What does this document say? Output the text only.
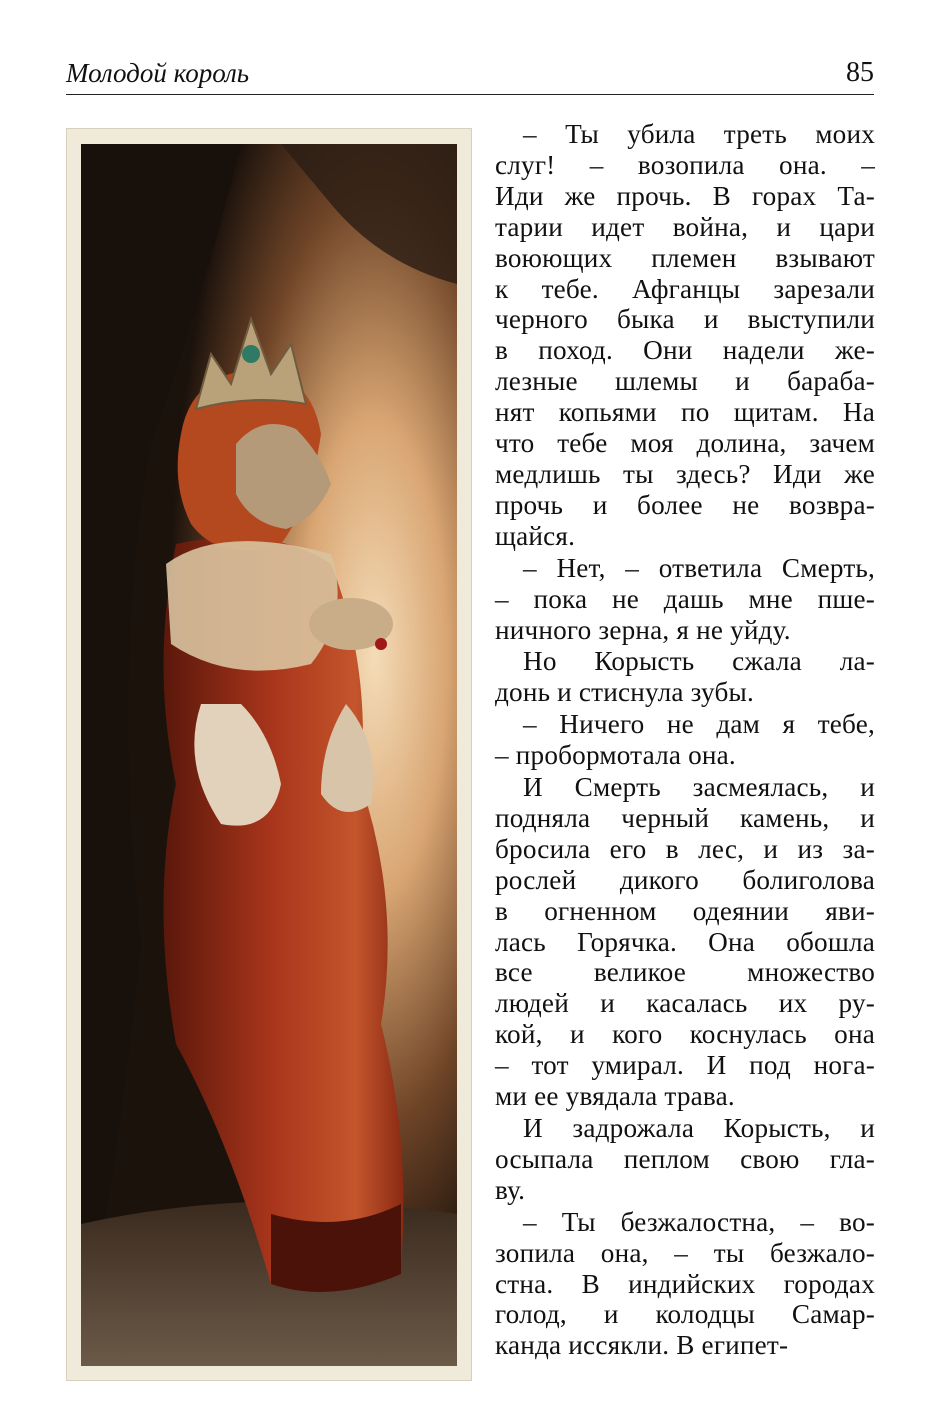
Молодой король	85

– Ты убила треть моих
слуг! – возопила она. –
Иди же прочь. В горах Та-
тарии идет война, и цари
воюющих племен взывают
к тебе. Афганцы зарезали
черного быка и выступили
в поход. Они надели же-
лезные шлемы и бараба-
нят копьями по щитам. На
что тебе моя долина, зачем
медлишь ты здесь? Иди же
прочь и более не возвра-
щайся.

– Нет, – ответила Смерть,
– пока не дашь мне пше-
ничного зерна, я не уйду.

Но Корысть сжала ла-
донь и стиснула зубы.

– Ничего не дам я тебе,
– пробормотала она.

И Смерть засмеялась, и
подняла черный камень, и
бросила его в лес, и из за-
рослей дикого болиголова
в огненном одеянии яви-
лась Горячка. Она обошла
все великое множество
людей и касалась их ру-
кой, и кого коснулась она
– тот умирал. И под нога-
ми ее увядала трава.

И задрожала Корысть, и
осыпала пеплом свою гла-
ву.

– Ты безжалостна, – во-
зопила она, – ты безжало-
стна. В индийских городах
голод, и колодцы Самар-
канда иссякли. В египет-
